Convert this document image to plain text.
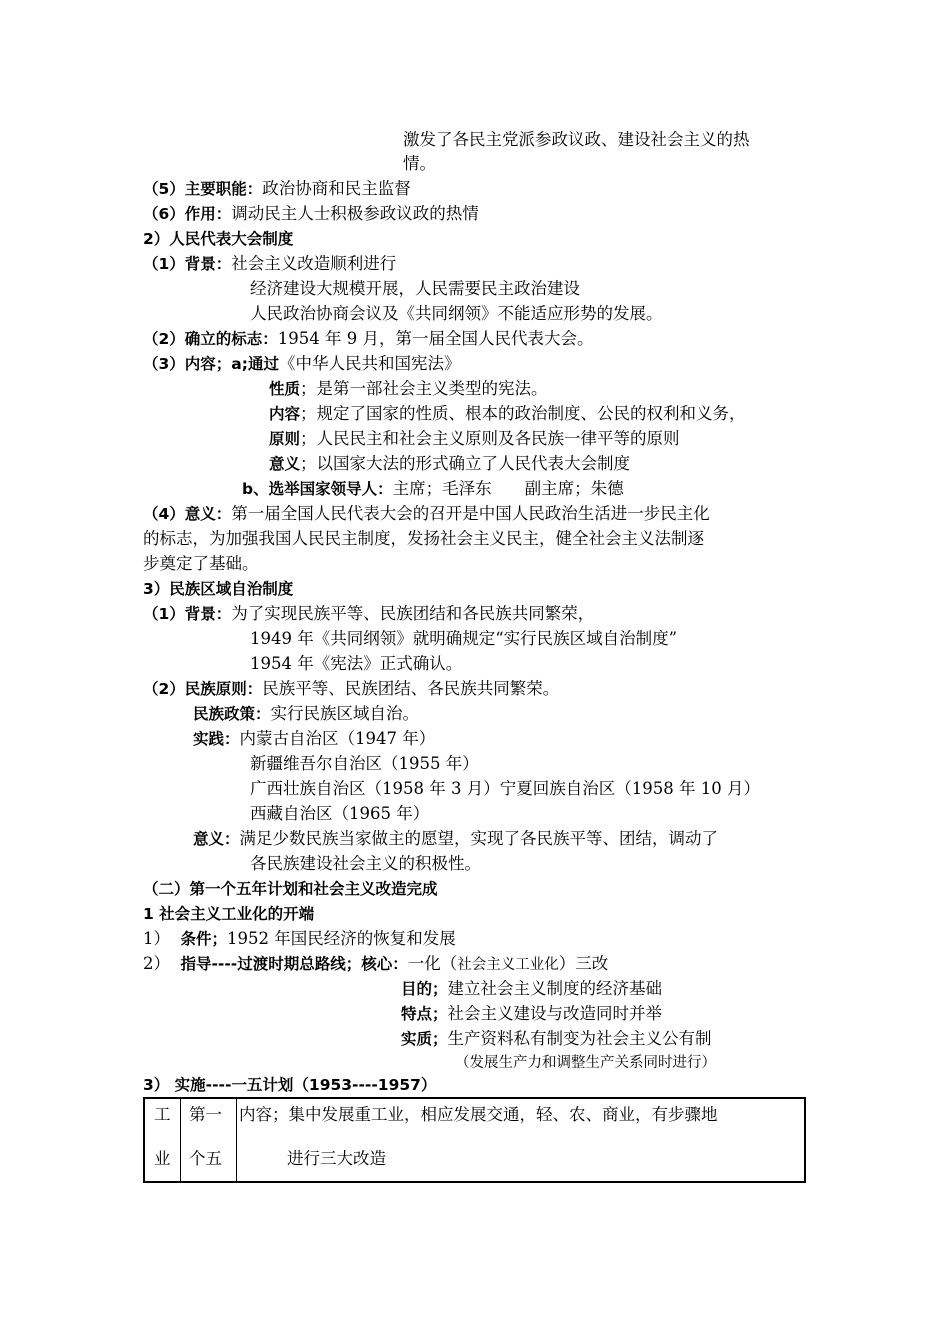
激发了各民主党派参政议政、建设社会主义的热
情。
（5）主要职能：政治协商和民主监督
（6）作用：调动民主人士积极参政议政的热情
2）人民代表大会制度
（1）背景：社会主义改造顺利进行
经济建设大规模开展，人民需要民主政治建设
人民政治协商会议及《共同纲领》不能适应形势的发展。
（2）确立的标志：1954 年 9 月，第一届全国人民代表大会。
（3）内容；a;通过《中华人民共和国宪法》
性质；是第一部社会主义类型的宪法。
内容；规定了国家的性质、根本的政治制度、公民的权利和义务，
原则；人民民主和社会主义原则及各民族一律平等的原则
意义；以国家大法的形式确立了人民代表大会制度
b、选举国家领导人：主席；毛泽东　　副主席；朱德
（4）意义：第一届全国人民代表大会的召开是中国人民政治生活进一步民主化
的标志，为加强我国人民民主制度，发扬社会主义民主，健全社会主义法制逐
步奠定了基础。
3）民族区域自治制度
（1）背景：为了实现民族平等、民族团结和各民族共同繁荣，
1949 年《共同纲领》就明确规定“实行民族区域自治制度”
1954 年《宪法》正式确认。
（2）民族原则：民族平等、民族团结、各民族共同繁荣。
民族政策：实行民族区域自治。
实践：内蒙古自治区（1947 年）
新疆维吾尔自治区（1955 年）
广西壮族自治区（1958 年 3 月）宁夏回族自治区（1958 年 10 月）
西藏自治区（1965 年）
意义：满足少数民族当家做主的愿望，实现了各民族平等、团结，调动了
各民族建设社会主义的积极性。
（二）第一个五年计划和社会主义改造完成
1 社会主义工业化的开端
1） 条件；1952 年国民经济的恢复和发展
2） 指导----过渡时期总路线；核心：一化（社会主义工业化）三改
目的；建立社会主义制度的经济基础
特点；社会主义建设与改造同时并举
实质；生产资料私有制变为社会主义公有制
（发展生产力和调整生产关系同时进行）
3） 实施----一五计划（1953----1957）
工
业
第一
个五
内容；集中发展重工业，相应发展交通，轻、农、商业，有步骤地
进行三大改造
